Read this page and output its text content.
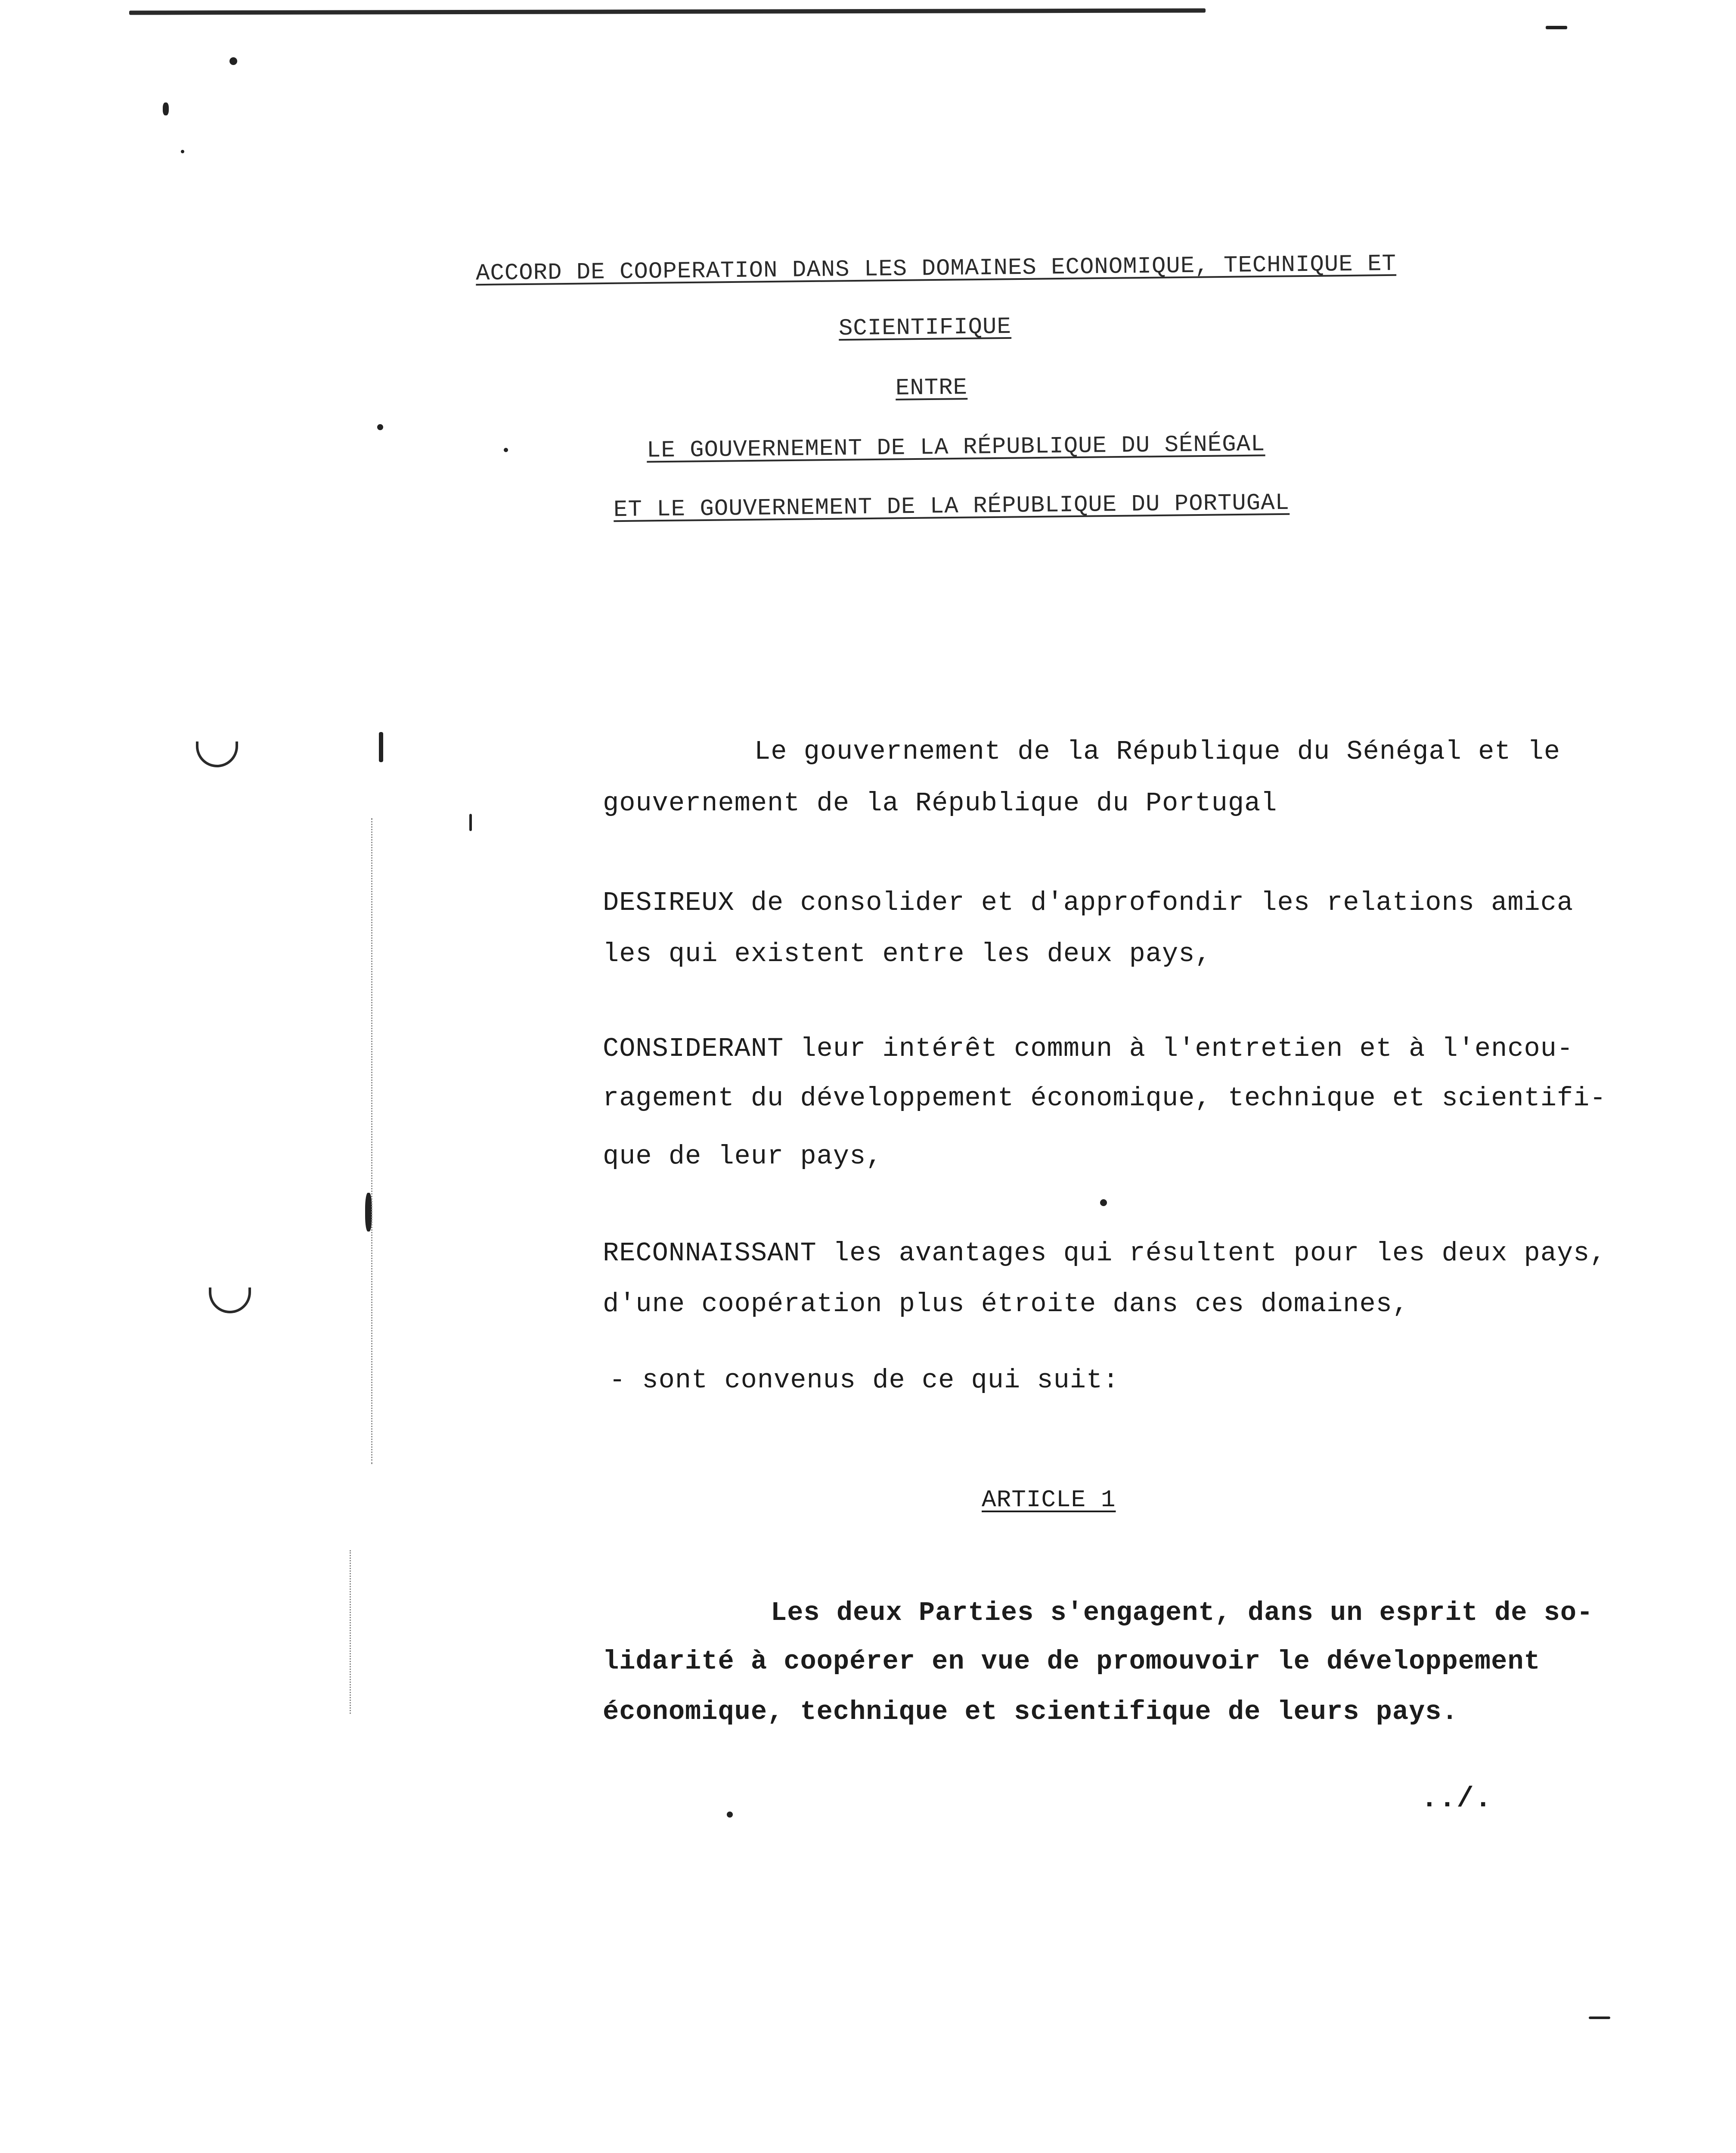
ACCORD DE COOPERATION DANS LES DOMAINES ECONOMIQUE, TECHNIQUE ET
SCIENTIFIQUE
ENTRE
LE GOUVERNEMENT DE LA RÉPUBLIQUE DU SÉNÉGAL
ET LE GOUVERNEMENT DE LA RÉPUBLIQUE DU PORTUGAL
Le gouvernement de la République du Sénégal et le
gouvernement de la République du Portugal
DESIREUX de consolider et d'approfondir les relations amica
les qui existent entre les deux pays,
CONSIDERANT leur intérêt commun à l'entretien et à l'encou-
ragement du développement économique, technique et scientifi-
que de leur pays,
RECONNAISSANT les avantages qui résultent pour les deux pays,
d'une coopération plus étroite dans ces domaines,
- sont convenus de ce qui suit:
ARTICLE 1
Les deux Parties s'engagent, dans un esprit de so-
lidarité à coopérer en vue de promouvoir le développement
économique, technique et scientifique de leurs pays.
../.
